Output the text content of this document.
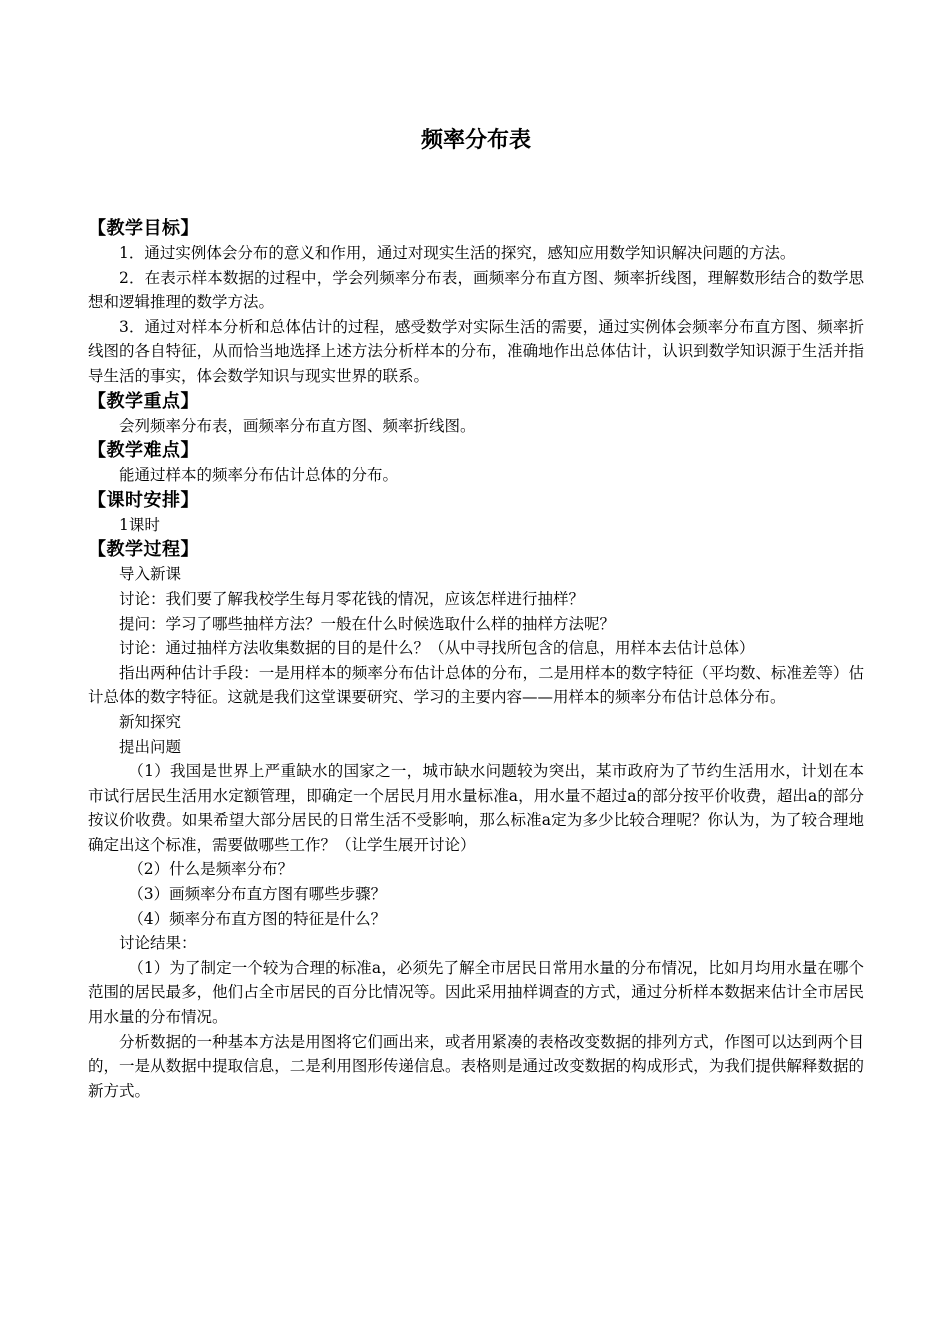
频率分布表
【教学目标】

1．通过实例体会分布的意义和作用，通过对现实生活的探究，感知应用数学知识解决问题的方法。

2．在表示样本数据的过程中，学会列频率分布表，画频率分布直方图、频率折线图，理解数形结合的数学思想和逻辑推理的数学方法。

3．通过对样本分析和总体估计的过程，感受数学对实际生活的需要，通过实例体会频率分布直方图、频率折线图的各自特征，从而恰当地选择上述方法分析样本的分布，准确地作出总体估计，认识到数学知识源于生活并指导生活的事实，体会数学知识与现实世界的联系。

【教学重点】

会列频率分布表，画频率分布直方图、频率折线图。

【教学难点】

能通过样本的频率分布估计总体的分布。

【课时安排】

1课时

【教学过程】

导入新课

讨论：我们要了解我校学生每月零花钱的情况，应该怎样进行抽样？

提问：学习了哪些抽样方法？一般在什么时候选取什么样的抽样方法呢？

讨论：通过抽样方法收集数据的目的是什么？（从中寻找所包含的信息，用样本去估计总体）

指出两种估计手段：一是用样本的频率分布估计总体的分布，二是用样本的数字特征（平均数、标准差等）估计总体的数字特征。这就是我们这堂课要研究、学习的主要内容——用样本的频率分布估计总体分布。

新知探究

提出问题

（1）我国是世界上严重缺水的国家之一，城市缺水问题较为突出，某市政府为了节约生活用水，计划在本市试行居民生活用水定额管理，即确定一个居民月用水量标准a，用水量不超过a的部分按平价收费，超出a的部分按议价收费。如果希望大部分居民的日常生活不受影响，那么标准a定为多少比较合理呢？你认为，为了较合理地确定出这个标准，需要做哪些工作？（让学生展开讨论）

（2）什么是频率分布？

（3）画频率分布直方图有哪些步骤？

（4）频率分布直方图的特征是什么？

讨论结果：

（1）为了制定一个较为合理的标准a，必须先了解全市居民日常用水量的分布情况，比如月均用水量在哪个范围的居民最多，他们占全市居民的百分比情况等。因此采用抽样调查的方式，通过分析样本数据来估计全市居民用水量的分布情况。

分析数据的一种基本方法是用图将它们画出来，或者用紧凑的表格改变数据的排列方式，作图可以达到两个目的，一是从数据中提取信息，二是利用图形传递信息。表格则是通过改变数据的构成形式，为我们提供解释数据的新方式。
